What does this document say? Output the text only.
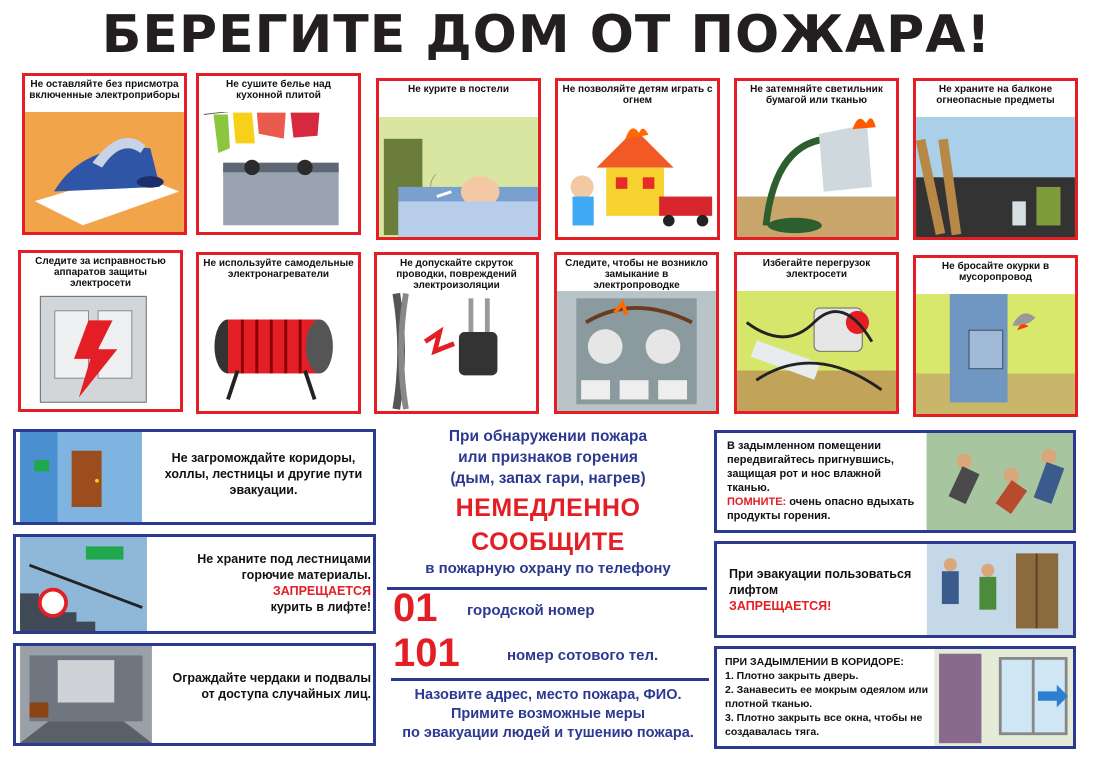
БЕРЕГИТЕ ДОМ ОТ ПОЖАРА!
Не оставляйте без присмотра включенные электроприборы
Не сушите белье над кухонной плитой
Не курите в постели	Не позволяйте детям играть с огнем
Не затемняйте светильник бумагой или тканью
Не храните на балконе огнеопасные предметы
Следите за исправностью аппаратов защиты электросети
Не используйте самодельные электронагреватели
Не допускайте скруток проводки, повреждений электроизоляции
Следите, чтобы не возникло замыкание в электропроводке
Избегайте перегрузок электросети
Не бросайте окурки в мусоропровод
Не загромождайте коридоры, холлы, лестницы и другие пути эвакуации.
Не храните под лестницами горючие материалы.
ЗАПРЕЩАЕТСЯ
курить в лифте!
Ограждайте чердаки и подвалы от доступа случайных лиц.
При обнаружении пожара
или признаков горения
(дым, запах гари, нагрев)
НЕМЕДЛЕННО СООБЩИТЕ
в пожарную охрану по телефону
01 городской номер
101	номер сотового тел.
Назовите адрес, место пожара, ФИО.
Примите возможные меры
по эвакуации людей и тушению пожара.
В задымленном помещении передвигайтесь пригнувшись, защищая рот и нос влажной тканью.
ПОМНИТЕ: очень опасно вдыхать продукты горения.
При эвакуации пользоваться лифтом
ЗАПРЕЩАЕТСЯ!
ПРИ ЗАДЫМЛЕНИИ В КОРИДОРЕ:
1. Плотно закрыть дверь.
2. Занавесить ее мокрым одеялом или плотной тканью.
3. Плотно закрыть все окна, чтобы не создавалась тяга.
